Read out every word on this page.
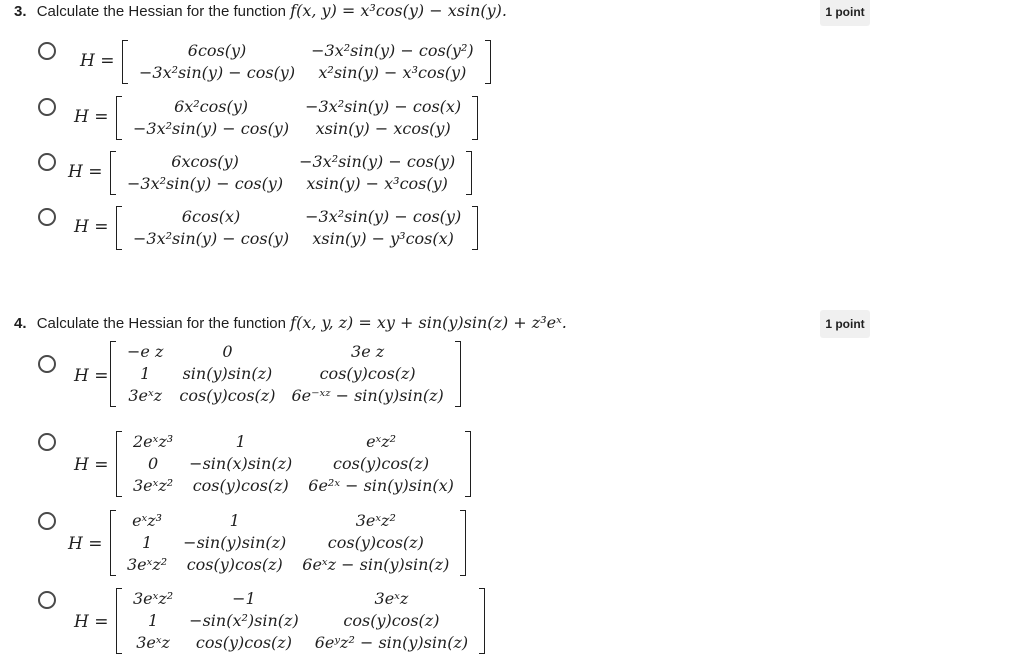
3. Calculate the Hessian for the function f(x, y) = x³cos(y) − xsin(y).	1 point
H =
6cos(y)
−3x²sin(y) − cos(y)
−3x²sin(y) − cos(y²)
x²sin(y) − x³cos(y)
H =
6x²cos(y)
−3x²sin(y) − cos(y)
−3x²sin(y) − cos(x)
xsin(y) − xcos(y)
H =
6xcos(y)
−3x²sin(y) − cos(y)
−3x²sin(y) − cos(y)
xsin(y) − x³cos(y)
H =
6cos(x)
−3x²sin(y) − cos(y)
−3x²sin(y) − cos(y)
xsin(y) − y³cos(x)
4. Calculate the Hessian for the function f(x, y, z) = xy + sin(y)sin(z) + z³eˣ.	1 point
H =
−e z
1
3eˣz
0
sin(y)sin(z)
cos(y)cos(z)
3e z
cos(y)cos(z)
6e⁻ˣᶻ − sin(y)sin(z)
H =
2eˣz³
0
3eˣz²
1
−sin(x)sin(z)
cos(y)cos(z)
eˣz²
cos(y)cos(z)
6e²ˣ − sin(y)sin(x)
H =
eˣz³
1
3eˣz²
1
−sin(y)sin(z)
cos(y)cos(z)
3eˣz²
cos(y)cos(z)
6eˣz − sin(y)sin(z)
H =
3eˣz²
1
3eˣz
−1
−sin(x²)sin(z)
cos(y)cos(z)
3eˣz
cos(y)cos(z)
6eʸz² − sin(y)sin(z)
